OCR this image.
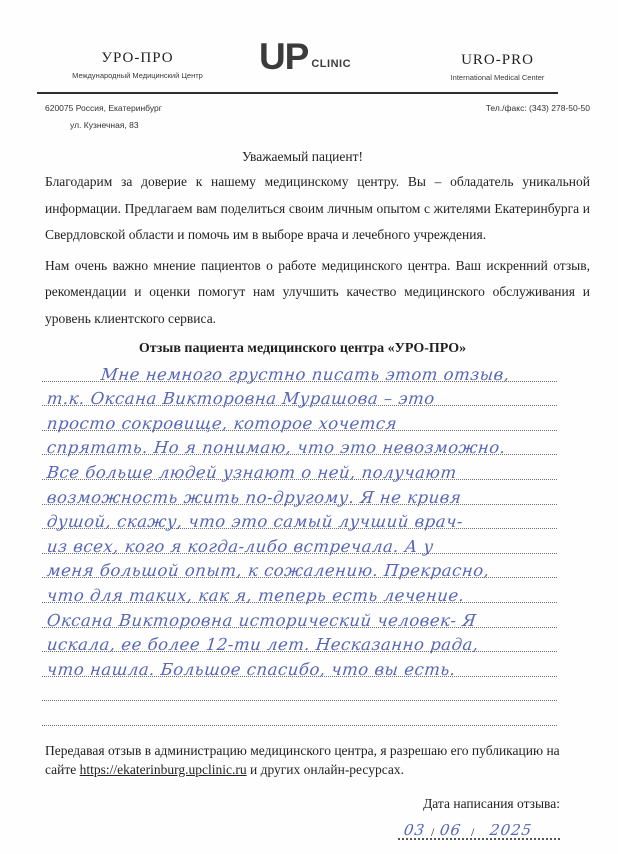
УРО-ПРО
Международный Медицинский Центр	UP CLINIC	URO-PRO
International Medical Center
620075 Россия, Екатеринбург
ул. Кузнечная, 83
Тел./факс: (343) 278-50-50

Уважаемый пациент!

Благодарим за доверие к нашему медицинскому центру. Вы – обладатель уникальной информации. Предлагаем вам поделиться своим личным опытом с жителями Екатеринбурга и Свердловской области и помочь им в выборе врача и лечебного учреждения.

Нам очень важно мнение пациентов о работе медицинского центра. Ваш искренний отзыв, рекомендации и оценки помогут нам улучшить качество медицинского обслуживания и уровень клиентского сервиса.

Отзыв пациента медицинского центра «УРО-ПРО»
Мне немного грустно писать этот отзыв,
т.к. Оксана Викторовна Мурашова – это
просто сокровище, которое хочется
спрятать. Но я понимаю, что это невозможно.
Все больше людей узнают о ней, получают
возможность жить по-другому. Я не кривя
душой, скажу, что это самый лучший врач-
из всех, кого я когда-либо встречала. А у
меня большой опыт, к сожалению. Прекрасно,
что для таких, как я, теперь есть лечение.
Оксана Викторовна исторический человек- Я
искала, ее более 12-ти лет. Несказанно рада,
что нашла. Большое спасибо, что вы есть.

Передавая отзыв в администрацию медицинского центра, я разрешаю его публикацию на сайте https://ekaterinburg.upclinic.ru и других онлайн-ресурсах.

Дата написания отзыва:
03 / 06 / 2025
